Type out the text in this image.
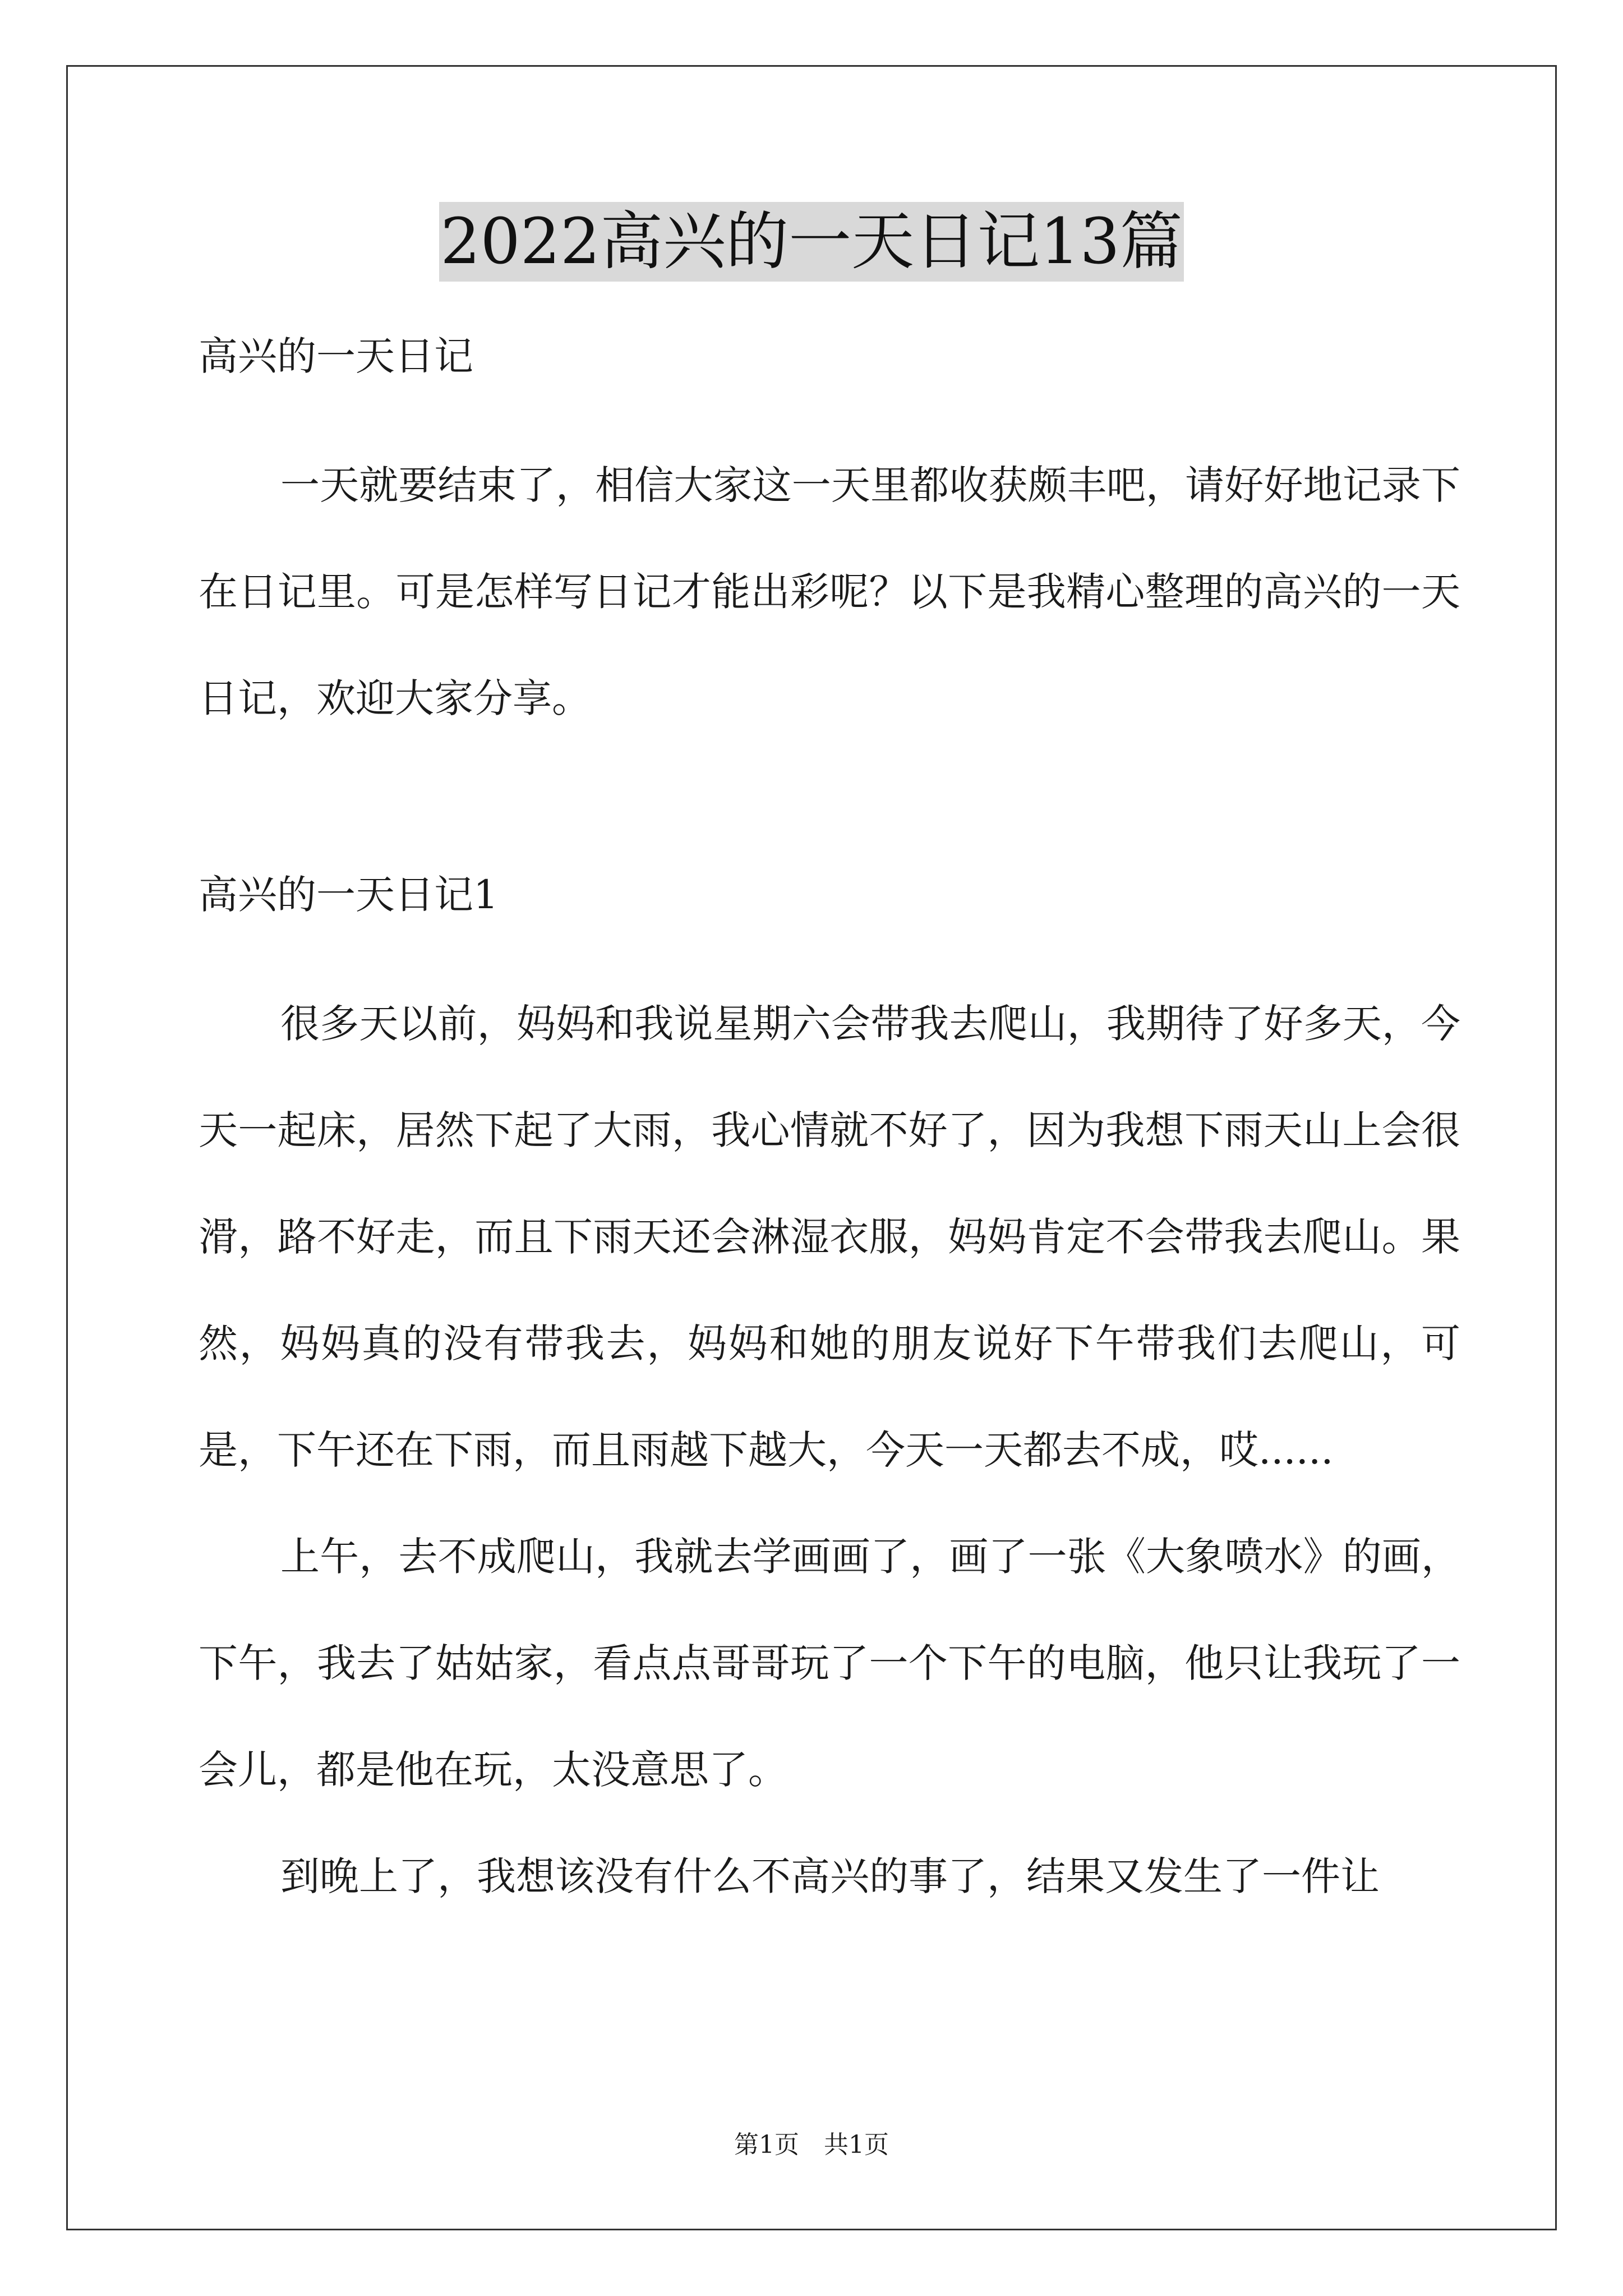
2022高兴的一天日记13篇

高兴的一天日记

一天就要结束了，相信大家这一天里都收获颇丰吧，请好好地记录下在日记里。可是怎样写日记才能出彩呢？以下是我精心整理的高兴的一天日记，欢迎大家分享。

高兴的一天日记1

很多天以前，妈妈和我说星期六会带我去爬山，我期待了好多天，今天一起床，居然下起了大雨，我心情就不好了，因为我想下雨天山上会很滑，路不好走，而且下雨天还会淋湿衣服，妈妈肯定不会带我去爬山。果然，妈妈真的没有带我去，妈妈和她的朋友说好下午带我们去爬山，可是，下午还在下雨，而且雨越下越大，今天一天都去不成，哎......

上午，去不成爬山，我就去学画画了，画了一张《大象喷水》的画，下午，我去了姑姑家，看点点哥哥玩了一个下午的电脑，他只让我玩了一会儿，都是他在玩，太没意思了。

到晚上了，我想该没有什么不高兴的事了，结果又发生了一件让

第1页　共1页
